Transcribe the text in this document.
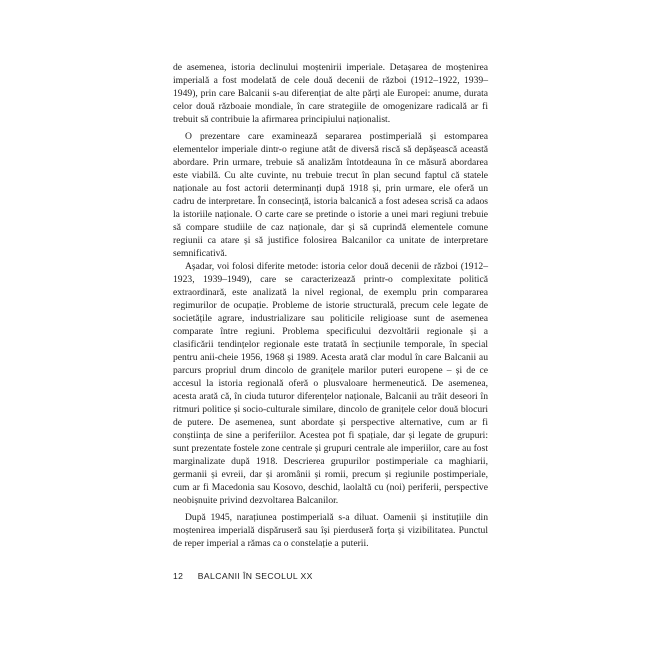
de asemenea, istoria declinului moștenirii imperiale. Detașarea de moștenirea imperială a fost modelată de cele două decenii de război (1912–1922, 1939–1949), prin care Balcanii s-au diferențiat de alte părți ale Europei: anume, durata celor două războaie mondiale, în care strategiile de omogenizare radicală ar fi trebuit să contribuie la afirmarea principiului naționalist.

O prezentare care examinează separarea postimperială și estomparea elementelor imperiale dintr-o regiune atât de diversă riscă să depășească această abordare. Prin urmare, trebuie să analizăm întotdeauna în ce măsură abordarea este viabilă. Cu alte cuvinte, nu trebuie trecut în plan secund faptul că statele naționale au fost actorii determinanți după 1918 și, prin urmare, ele oferă un cadru de interpretare. În consecință, istoria balcanică a fost adesea scrisă ca adaos la istoriile naționale. O carte care se pretinde o istorie a unei mari regiuni trebuie să compare studiile de caz naționale, dar și să cuprindă elementele comune regiunii ca atare și să justifice folosirea Balcanilor ca unitate de interpretare semnificativă.

Așadar, voi folosi diferite metode: istoria celor două decenii de război (1912–1923, 1939–1949), care se caracterizează printr-o complexitate politică extraordinară, este analizată la nivel regional, de exemplu prin compararea regimurilor de ocupație. Probleme de istorie structurală, precum cele legate de societățile agrare, industrializare sau politicile religioase sunt de asemenea comparate între regiuni. Problema specificului dezvoltării regionale și a clasificării tendințelor regionale este tratată în secțiunile temporale, în special pentru anii-cheie 1956, 1968 și 1989. Acesta arată clar modul în care Balcanii au parcurs propriul drum dincolo de granițele marilor puteri europene – și de ce accesul la istoria regională oferă o plusvaloare hermeneutică. De asemenea, acesta arată că, în ciuda tuturor diferențelor naționale, Balcanii au trăit deseori în ritmuri politice și socio-culturale similare, dincolo de granițele celor două blocuri de putere. De asemenea, sunt abordate și perspective alternative, cum ar fi conștiința de sine a periferiilor. Acestea pot fi spațiale, dar și legate de grupuri: sunt prezentate fostele zone centrale și grupuri centrale ale imperiilor, care au fost marginalizate după 1918. Descrierea grupurilor postimperiale ca maghiarii, germanii și evreii, dar și aromânii și romii, precum și regiunile postimperiale, cum ar fi Macedonia sau Kosovo, deschid, laolaltă cu (noi) periferii, perspective neobișnuite privind dezvoltarea Balcanilor.

După 1945, narațiunea postimperială s-a diluat. Oamenii și instituțiile din moștenirea imperială dispăruseră sau își pierduseră forța și vizibilitatea. Punctul de reper imperial a rămas ca o constelație a puterii.

12 BALCANII ÎN SECOLUL XX
